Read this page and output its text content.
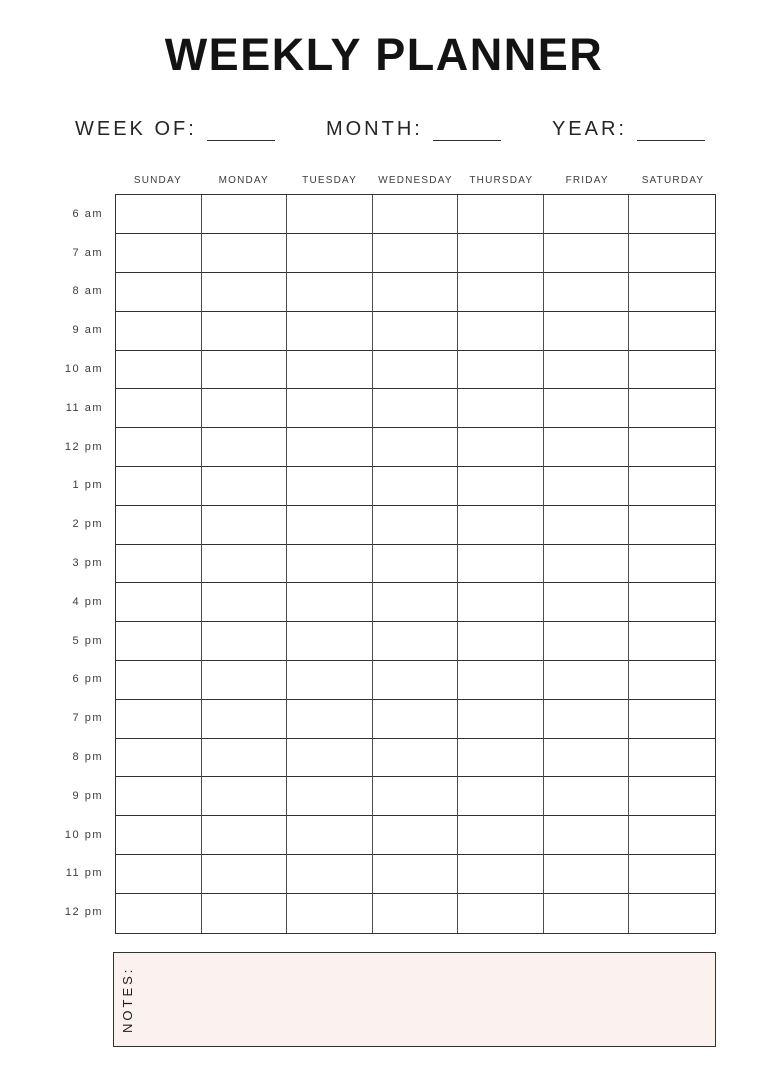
WEEKLY PLANNER
WEEK OF:	MONTH:	YEAR:
SUNDAY	MONDAY	TUESDAY	WEDNESDAY	THURSDAY	FRIDAY	SATURDAY
6 am
7 am
8 am
9 am
10 am
11 am
12 pm
1 pm
2 pm
3 pm
4 pm
5 pm
6 pm
7 pm
8 pm
9 pm
10 pm
11 pm
12 pm
NOTES:
